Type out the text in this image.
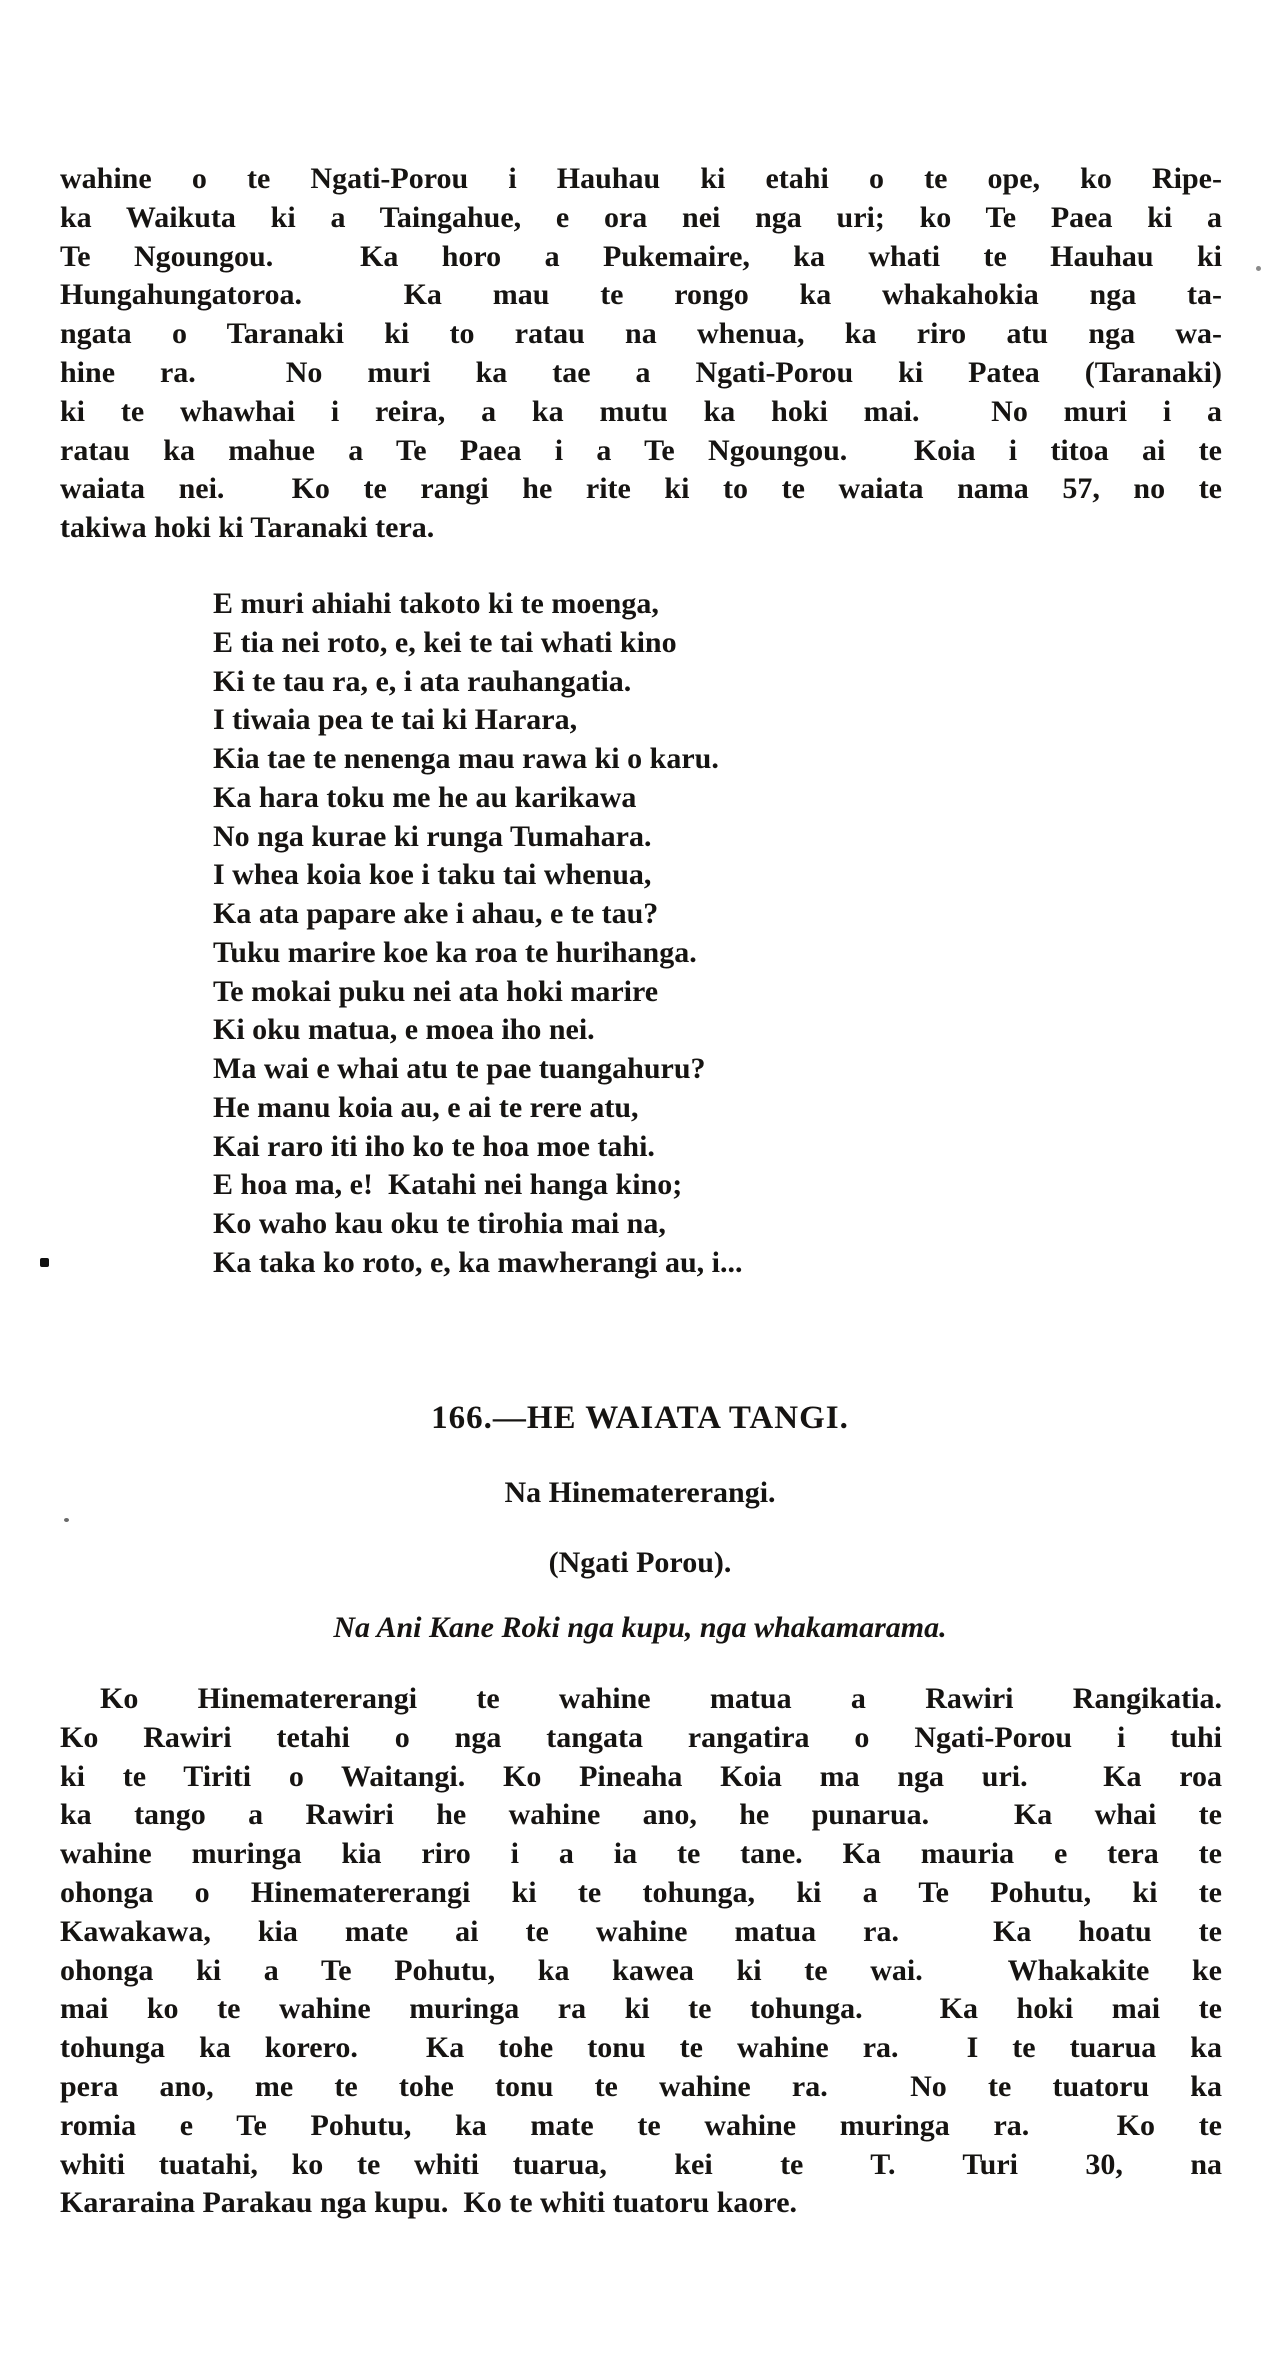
wahine o te Ngati-Porou i Hauhau ki etahi o te ope, ko Ripe-
ka Waikuta ki a Taingahue, e ora nei nga uri; ko Te Paea ki a
Te Ngoungou.  Ka horo a Pukemaire, ka whati te Hauhau ki
Hungahungatoroa.  Ka mau te rongo ka whakahokia nga ta-
ngata o Taranaki ki to ratau na whenua, ka riro atu nga wa-
hine ra.  No muri ka tae a Ngati-Porou ki Patea (Taranaki)
ki te whawhai i reira, a ka mutu ka hoki mai.  No muri i a
ratau ka mahue a Te Paea i a Te Ngoungou.  Koia i titoa ai te
waiata nei.  Ko te rangi he rite ki to te waiata nama 57, no te
takiwa hoki ki Taranaki tera.
E muri ahiahi takoto ki te moenga,
E tia nei roto, e, kei te tai whati kino
Ki te tau ra, e, i ata rauhangatia.
I tiwaia pea te tai ki Harara,
Kia tae te nenenga mau rawa ki o karu.
Ka hara toku me he au karikawa
No nga kurae ki runga Tumahara.
I whea koia koe i taku tai whenua,
Ka ata papare ake i ahau, e te tau?
Tuku marire koe ka roa te hurihanga.
Te mokai puku nei ata hoki marire
Ki oku matua, e moea iho nei.
Ma wai e whai atu te pae tuangahuru?
He manu koia au, e ai te rere atu,
Kai raro iti iho ko te hoa moe tahi.
E hoa ma, e!  Katahi nei hanga kino;
Ko waho kau oku te tirohia mai na,
Ka taka ko roto, e, ka mawherangi au, i...
166.—HE WAIATA TANGI.
Na Hinematererangi.
(Ngati Porou).
Na Ani Kane Roki nga kupu, nga whakamarama.
Ko Hinematererangi te wahine matua a Rawiri Rangikatia.
Ko Rawiri tetahi o nga tangata rangatira o Ngati-Porou i tuhi
ki te Tiriti o Waitangi. Ko Pineaha Koia ma nga uri.  Ka roa
ka tango a Rawiri he wahine ano, he punarua.  Ka whai te
wahine muringa kia riro i a ia te tane. Ka mauria e tera te
ohonga o Hinematererangi ki te tohunga, ki a Te Pohutu, ki te
Kawakawa, kia mate ai te wahine matua ra.  Ka hoatu te
ohonga ki a Te Pohutu, ka kawea ki te wai.  Whakakite ke
mai ko te wahine muringa ra ki te tohunga.  Ka hoki mai te
tohunga ka korero.  Ka tohe tonu te wahine ra.  I te tuarua ka
pera ano, me te tohe tonu te wahine ra.  No te tuatoru ka
romia e Te Pohutu, ka mate te wahine muringa ra.  Ko te
whiti tuatahi, ko te whiti tuarua,  kei  te  T.  Turi  30,  na
Kararaina Parakau nga kupu.  Ko te whiti tuatoru kaore.
